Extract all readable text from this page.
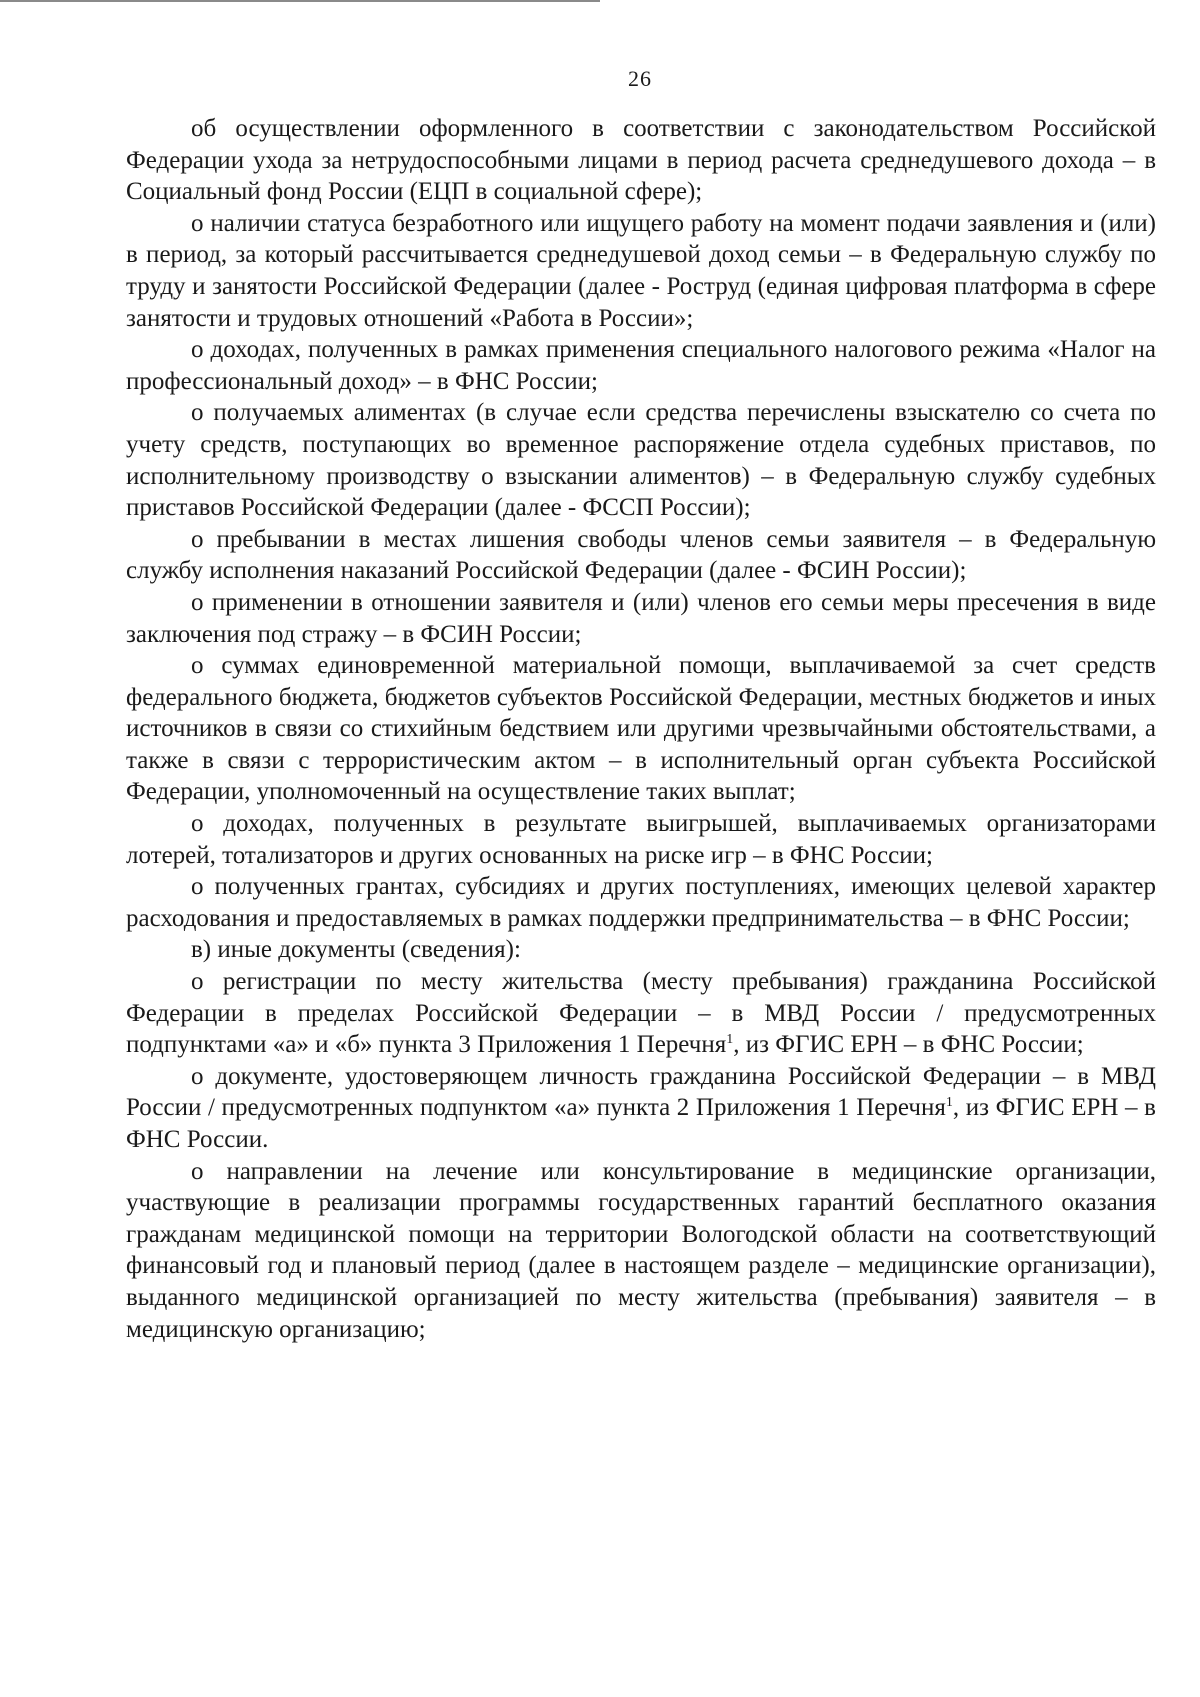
26

об осуществлении оформленного в соответствии с законодательством Российской Федерации ухода за нетрудоспособными лицами в период расчета среднедушевого дохода – в Социальный фонд России (ЕЦП в социальной сфере);

о наличии статуса безработного или ищущего работу на момент подачи заявления и (или) в период, за который рассчитывается среднедушевой доход семьи – в Федеральную службу по труду и занятости Российской Федерации (далее - Роструд (единая цифровая платформа в сфере занятости и трудовых отношений «Работа в России»;

о доходах, полученных в рамках применения специального налогового режима «Налог на профессиональный доход» – в ФНС России;

о получаемых алиментах (в случае если средства перечислены взыскателю со счета по учету средств, поступающих во временное распоряжение отдела судебных приставов, по исполнительному производству о взыскании алиментов) – в Федеральную службу судебных приставов Российской Федерации (далее - ФССП России);

о пребывании в местах лишения свободы членов семьи заявителя – в Федеральную службу исполнения наказаний Российской Федерации (далее - ФСИН России);

о применении в отношении заявителя и (или) членов его семьи меры пресечения в виде заключения под стражу – в ФСИН России;

о суммах единовременной материальной помощи, выплачиваемой за счет средств федерального бюджета, бюджетов субъектов Российской Федерации, местных бюджетов и иных источников в связи со стихийным бедствием или другими чрезвычайными обстоятельствами, а также в связи с террористическим актом – в исполнительный орган субъекта Российской Федерации, уполномоченный на осуществление таких выплат;

о доходах, полученных в результате выигрышей, выплачиваемых организаторами лотерей, тотализаторов и других основанных на риске игр – в ФНС России;

о полученных грантах, субсидиях и других поступлениях, имеющих целевой характер расходования и предоставляемых в рамках поддержки предпринимательства – в ФНС России;

в) иные документы (сведения):

о регистрации по месту жительства (месту пребывания) гражданина Российской Федерации в пределах Российской Федерации – в МВД России / предусмотренных подпунктами «а» и «б» пункта 3 Приложения 1 Перечня$^1$, из ФГИС ЕРН – в ФНС России;

о документе, удостоверяющем личность гражданина Российской Федерации – в МВД России / предусмотренных подпунктом «а» пункта 2 Приложения 1 Перечня$^1$, из ФГИС ЕРН – в ФНС России.

о направлении на лечение или консультирование в медицинские организации, участвующие в реализации программы государственных гарантий бесплатного оказания гражданам медицинской помощи на территории Вологодской области на соответствующий финансовый год и плановый период (далее в настоящем разделе – медицинские организации), выданного медицинской организацией по месту жительства (пребывания) заявителя – в медицинскую организацию;
